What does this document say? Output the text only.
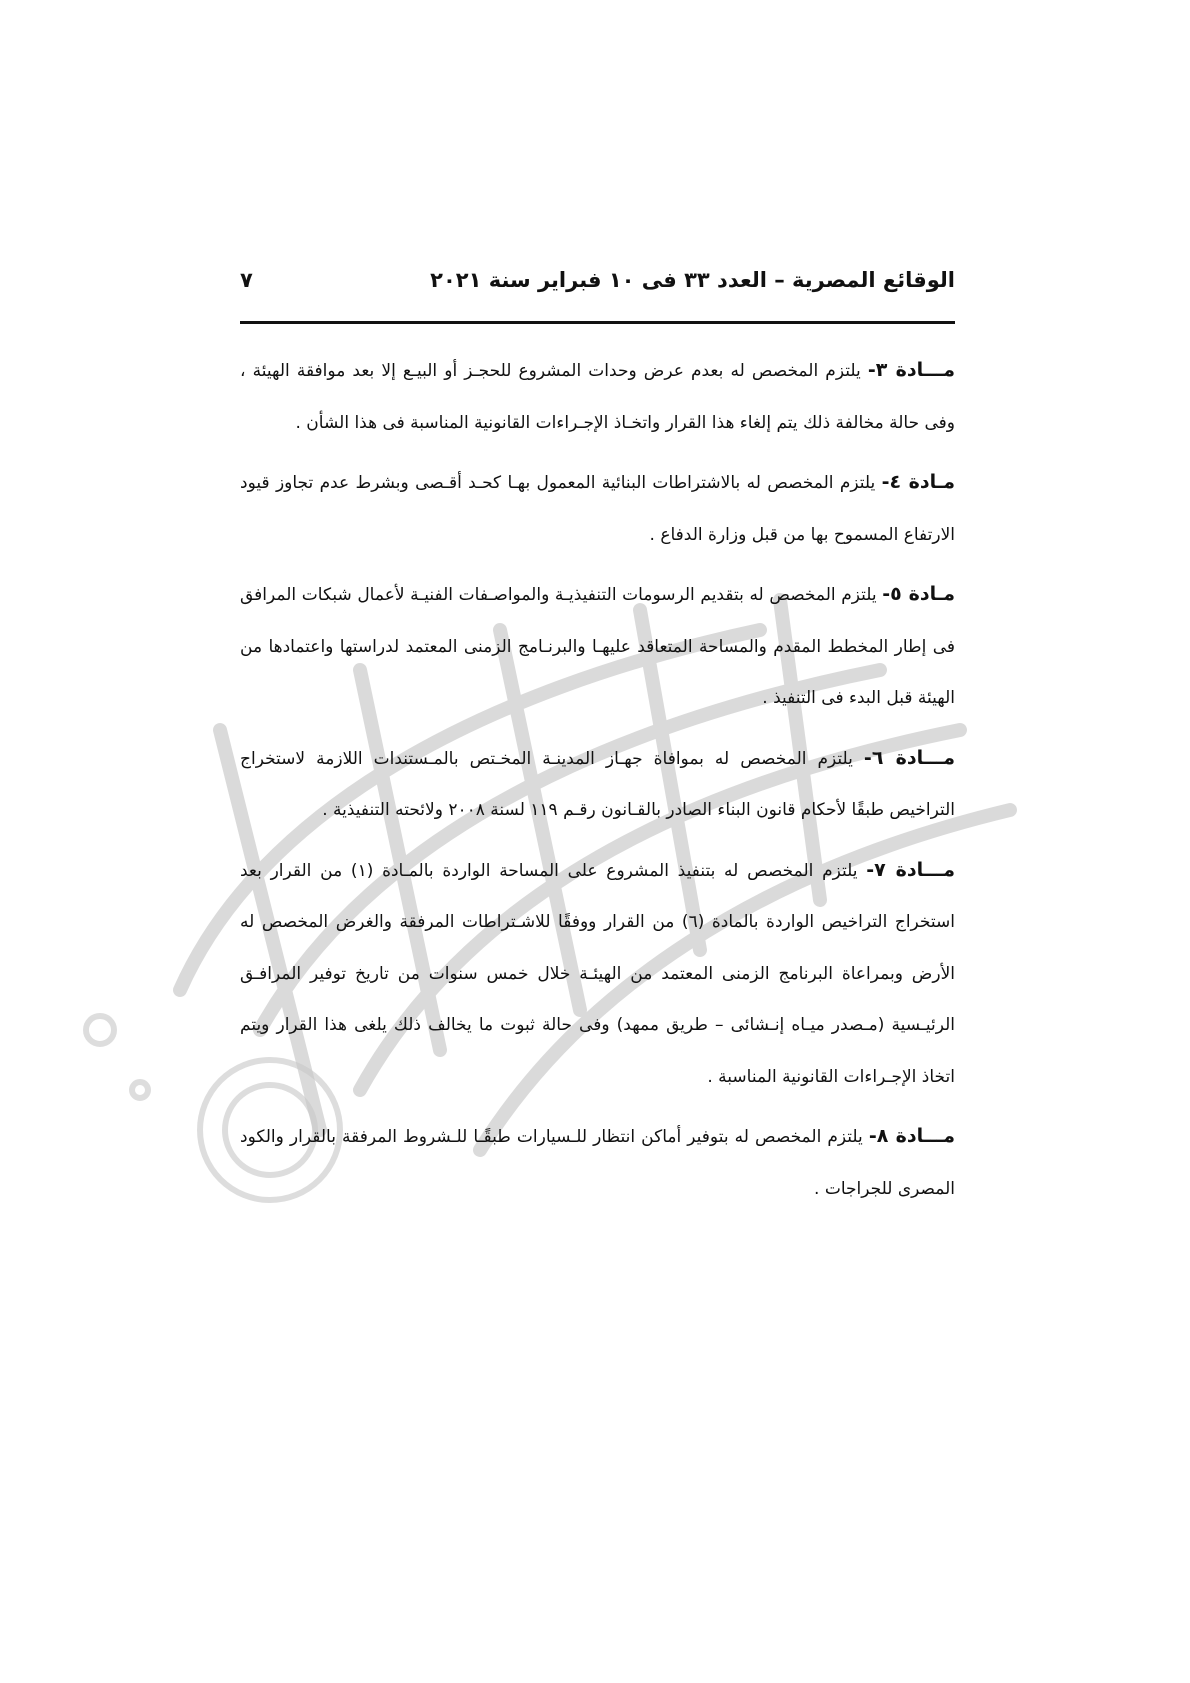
الوقائع المصرية – العدد ٣٣ فى ١٠ فبراير سنة ٢٠٢١
٧

مـــادة ٣- يلتزم المخصص له بعدم عرض وحدات المشروع للحجـز أو البيـع إلا بعد موافقة الهيئة ، وفى حالة مخالفة ذلك يتم إلغاء هذا القرار واتخـاذ الإجـراءات القانونية المناسبة فى هذا الشأن .

مـادة ٤- يلتزم المخصص له بالاشتراطات البنائية المعمول بهـا كحـد أقـصى وبشرط عدم تجاوز قيود الارتفاع المسموح بها من قبل وزارة الدفاع .

مـادة ٥- يلتزم المخصص له بتقديم الرسومات التنفيذيـة والمواصـفات الفنيـة لأعمال شبكات المرافق فى إطار المخطط المقدم والمساحة المتعاقد عليهـا والبرنـامج الزمنى المعتمد لدراستها واعتمادها من الهيئة قبل البدء فى التنفيذ .

مـــادة ٦- يلتزم المخصص له بموافاة جهـاز المدينـة المخـتص بالمـستندات اللازمة لاستخراج التراخيص طبقًا لأحكام قانون البناء الصادر بالقـانون رقـم ١١٩ لسنة ٢٠٠٨ ولائحته التنفيذية .

مـــادة ٧- يلتزم المخصص له بتنفيذ المشروع على المساحة الواردة بالمـادة (١) من القرار بعد استخراج التراخيص الواردة بالمادة (٦) من القرار ووفقًا للاشـتراطات المرفقة والغرض المخصص له الأرض وبمراعاة البرنامج الزمنى المعتمد من الهيئـة خلال خمس سنوات من تاريخ توفير المرافـق الرئيـسية (مـصدر ميـاه إنـشائى – طريق ممهد) وفى حالة ثبوت ما يخالف ذلك يلغى هذا القرار ويتم اتخاذ الإجـراءات القانونية المناسبة .

مـــادة ٨- يلتزم المخصص له بتوفير أماكن انتظار للـسيارات طبقًـا للـشروط المرفقة بالقرار والكود المصرى للجراجات .
